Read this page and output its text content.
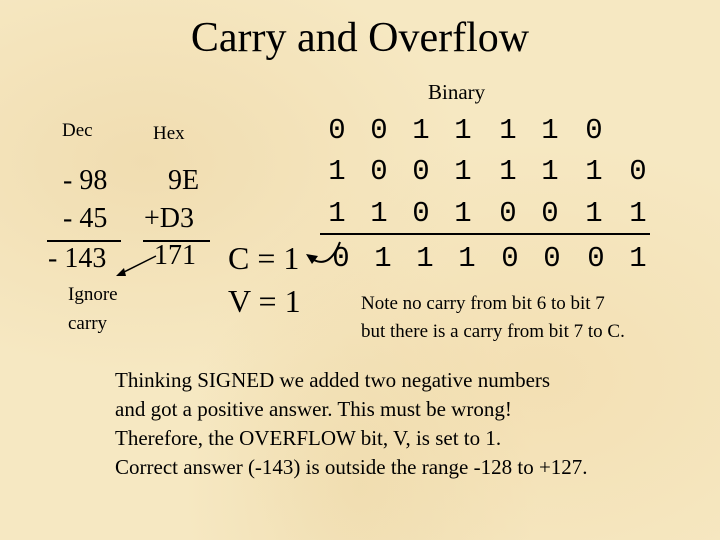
Carry and Overflow
Binary
Dec	Hex
- 98
- 45
- 143
9E
+D3
171
Ignore
carry
0 0 1 1 1 1 0
1 0 0 1 1 1 1 0
1 1 0 1 0 0 1 1
0 1 1 1 0 0 0 1
C = 1
V = 1	Note no carry from bit 6 to bit 7
but there is a carry from bit 7 to C.
Thinking SIGNED we added two negative numbers
and got a positive answer. This must be wrong!
Therefore, the OVERFLOW bit, V, is set to 1.
Correct answer (-143) is outside the range -128 to +127.
